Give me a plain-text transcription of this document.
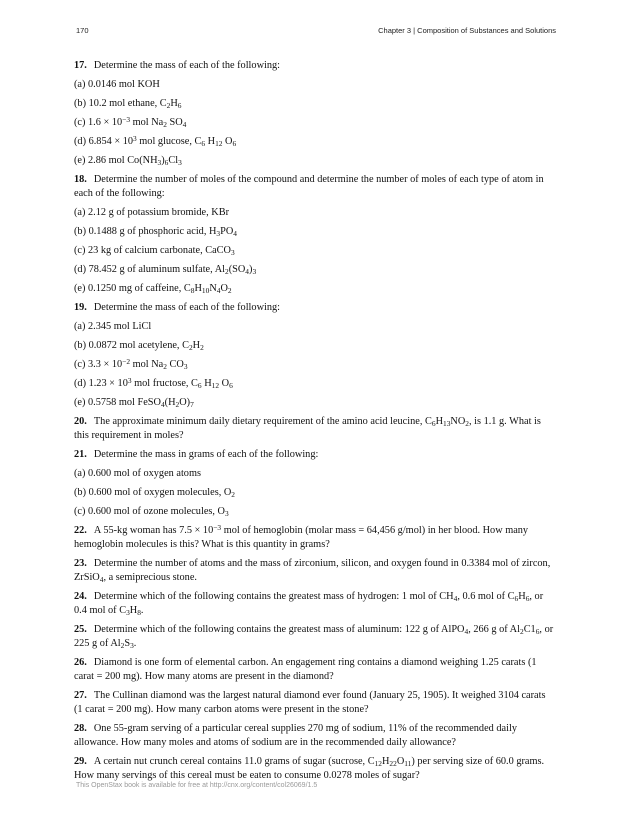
170	Chapter 3 | Composition of Substances and Solutions

17. Determine the mass of each of the following:

(a) 0.0146 mol KOH

(b) 10.2 mol ethane, $C_2H_6$

(c) $1.6 \times 10^{-3}$ mol $Na_2$ $SO_4$

(d) $6.854 \times 10^3$ mol glucose, $C_6$ $H_{12}$ $O_6$

(e) 2.86 mol $Co(NH_3)_6Cl_3$

18. Determine the number of moles of the compound and determine the number of moles of each type of atom in each of the following:

(a) 2.12 g of potassium bromide, KBr

(b) 0.1488 g of phosphoric acid, $H_3PO_4$

(c) 23 kg of calcium carbonate, CaCO$_3$

(d) 78.452 g of aluminum sulfate, $Al_2(SO_4)_3$

(e) 0.1250 mg of caffeine, $C_8H_{10}N_4O_2$

19. Determine the mass of each of the following:

(a) 2.345 mol LiCl

(b) 0.0872 mol acetylene, $C_2H_2$

(c) $3.3 \times 10^{-2}$ mol $Na_2$ $CO_3$

(d) $1.23 \times 10^3$ mol fructose, $C_6$ $H_{12}$ $O_6$

(e) 0.5758 mol $FeSO_4(H_2O)_7$

20. The approximate minimum daily dietary requirement of the amino acid leucine, $C_6H_{13}NO_2$, is 1.1 g. What is this requirement in moles?

21. Determine the mass in grams of each of the following:

(a) 0.600 mol of oxygen atoms

(b) 0.600 mol of oxygen molecules, $O_2$

(c) 0.600 mol of ozone molecules, $O_3$

22. A 55-kg woman has $7.5 \times 10^{-3}$ mol of hemoglobin (molar mass = 64,456 g/mol) in her blood. How many hemoglobin molecules is this? What is this quantity in grams?

23. Determine the number of atoms and the mass of zirconium, silicon, and oxygen found in 0.3384 mol of zircon, ZrSiO$_4$, a semiprecious stone.

24. Determine which of the following contains the greatest mass of hydrogen: 1 mol of $CH_4$, 0.6 mol of $C_6H_6$, or 0.4 mol of $C_3H_8$.

25. Determine which of the following contains the greatest mass of aluminum: 122 g of AlPO$_4$, 266 g of $Al_2C1_6$, or 225 g of $Al_2S_3$.

26. Diamond is one form of elemental carbon. An engagement ring contains a diamond weighing 1.25 carats (1 carat = 200 mg). How many atoms are present in the diamond?

27. The Cullinan diamond was the largest natural diamond ever found (January 25, 1905). It weighed 3104 carats (1 carat = 200 mg). How many carbon atoms were present in the stone?

28. One 55-gram serving of a particular cereal supplies 270 mg of sodium, 11% of the recommended daily allowance. How many moles and atoms of sodium are in the recommended daily allowance?

29. A certain nut crunch cereal contains 11.0 grams of sugar (sucrose, $C_{12}H_{22}O_{11}$) per serving size of 60.0 grams. How many servings of this cereal must be eaten to consume 0.0278 moles of sugar?

This OpenStax book is available for free at http://cnx.org/content/col26069/1.5
